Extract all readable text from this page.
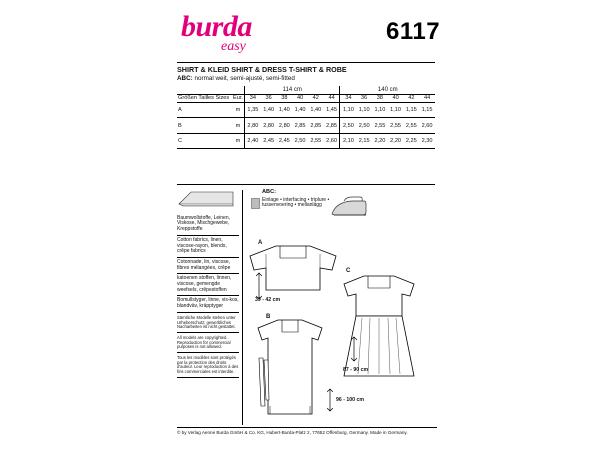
burda
easy
6117
SHIRT & KLEID SHIRT & DRESS T-SHIRT & ROBE
ABC: normal weit, semi-ajusté, semi-fitted
		114 cm						140 cm					
Größen Tailles Sizes	Eur.	34	36	38	40	42	44	34	36	38	40	42	44
A	m	1,35	1,40	1,40	1,40	1,40	1,45	1,10	1,10	1,10	1,10	1,15	1,15
B	m	2,80	2,80	2,80	2,85	2,85	2,85	2,50	2,50	2,55	2,55	2,55	2,60
C	m	2,40	2,45	2,45	2,50	2,55	2,60	2,10	2,15	2,20	2,20	2,25	2,30
Baumwollstoffe, Leinen, Viskose, Mischgewebe, Kreppstoffe
Cotton fabrics, linen, viscose-rayon, blends, crêpe fabrics
Cotonnade, lin, viscose, fibres mélangées, crêpe
katoenen stoffen, linnen, viscose, gemengde weefsels, crêpestoffen
Bomullstyger, linne, vis-kos, blandväv, kräpptyger
Sämtliche Modelle stehen unter Urheberschutz; gewerbliches Nacharbeiten ist nicht gestattet.
All models are copyrighted. Reproduction for commercial purposes is not allowed.
Tous les modèles sont protégés par la protection des droits d'auteur. Leur reproduction à des fins commerciales est interdite.
ABC:
Einlage • interfacing • triplure •
tussenvoering • mellanlägg
A
39 - 42 cm
C
87 - 90 cm
B
96 - 100 cm
© by Verlag Aenne Burda GmbH & Co. KG, Hubert-Burda-Platz 2, 77652 Offenburg, Germany. Made in Germany.
